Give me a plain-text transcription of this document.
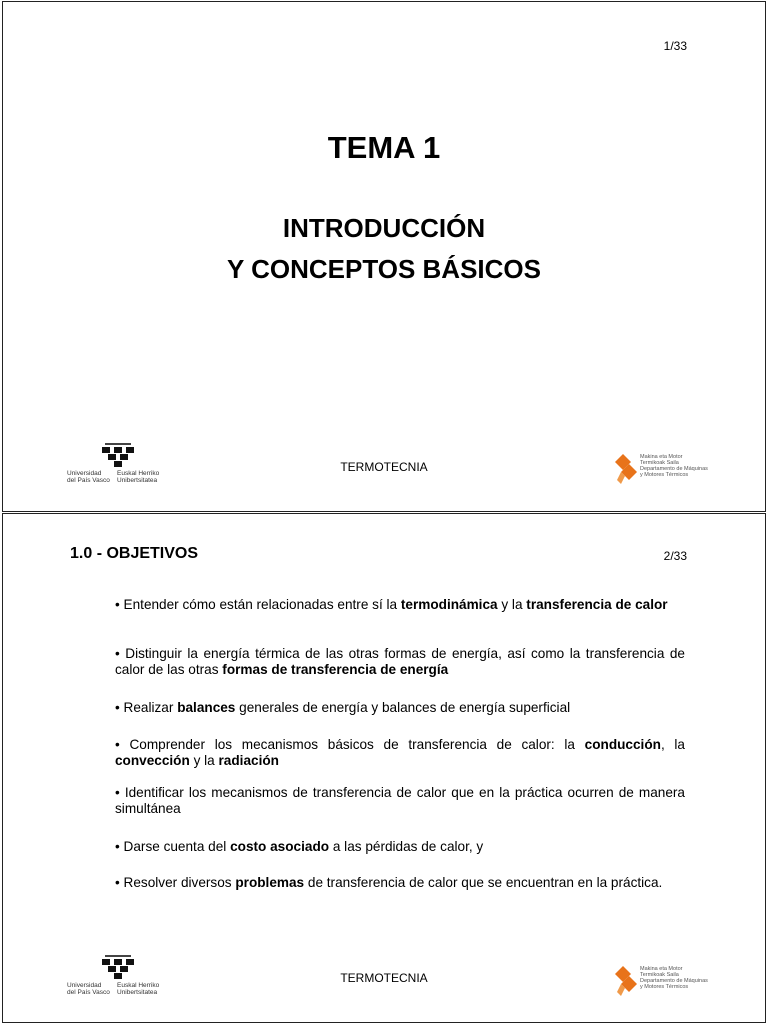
1/33
TEMA 1
INTRODUCCIÓN
Y CONCEPTOS BÁSICOS
Universidad
del País Vasco
Euskal Herriko
Unibertsitatea
TERMOTECNIA
Makina eta Motor
Termikoak Saila
Departamento de Máquinas
y Motores Térmicos
1.0 - OBJETIVOS	2/33
• Entender cómo están relacionadas entre sí la termodinámica y la transferencia de calor
• Distinguir la energía térmica de las otras formas de energía, así como la transferencia de calor de las otras formas de transferencia de energía
• Realizar balances generales de energía y balances de energía superficial
• Comprender los mecanismos básicos de transferencia de calor: la conducción, la convección y la radiación
• Identificar los mecanismos de transferencia de calor que en la práctica ocurren de manera simultánea
• Darse cuenta del costo asociado a las pérdidas de calor, y
• Resolver diversos problemas de transferencia de calor que se encuentran en la práctica.
Universidad
del País Vasco
Euskal Herriko
Unibertsitatea
TERMOTECNIA
Makina eta Motor
Termikoak Saila
Departamento de Máquinas
y Motores Térmicos
